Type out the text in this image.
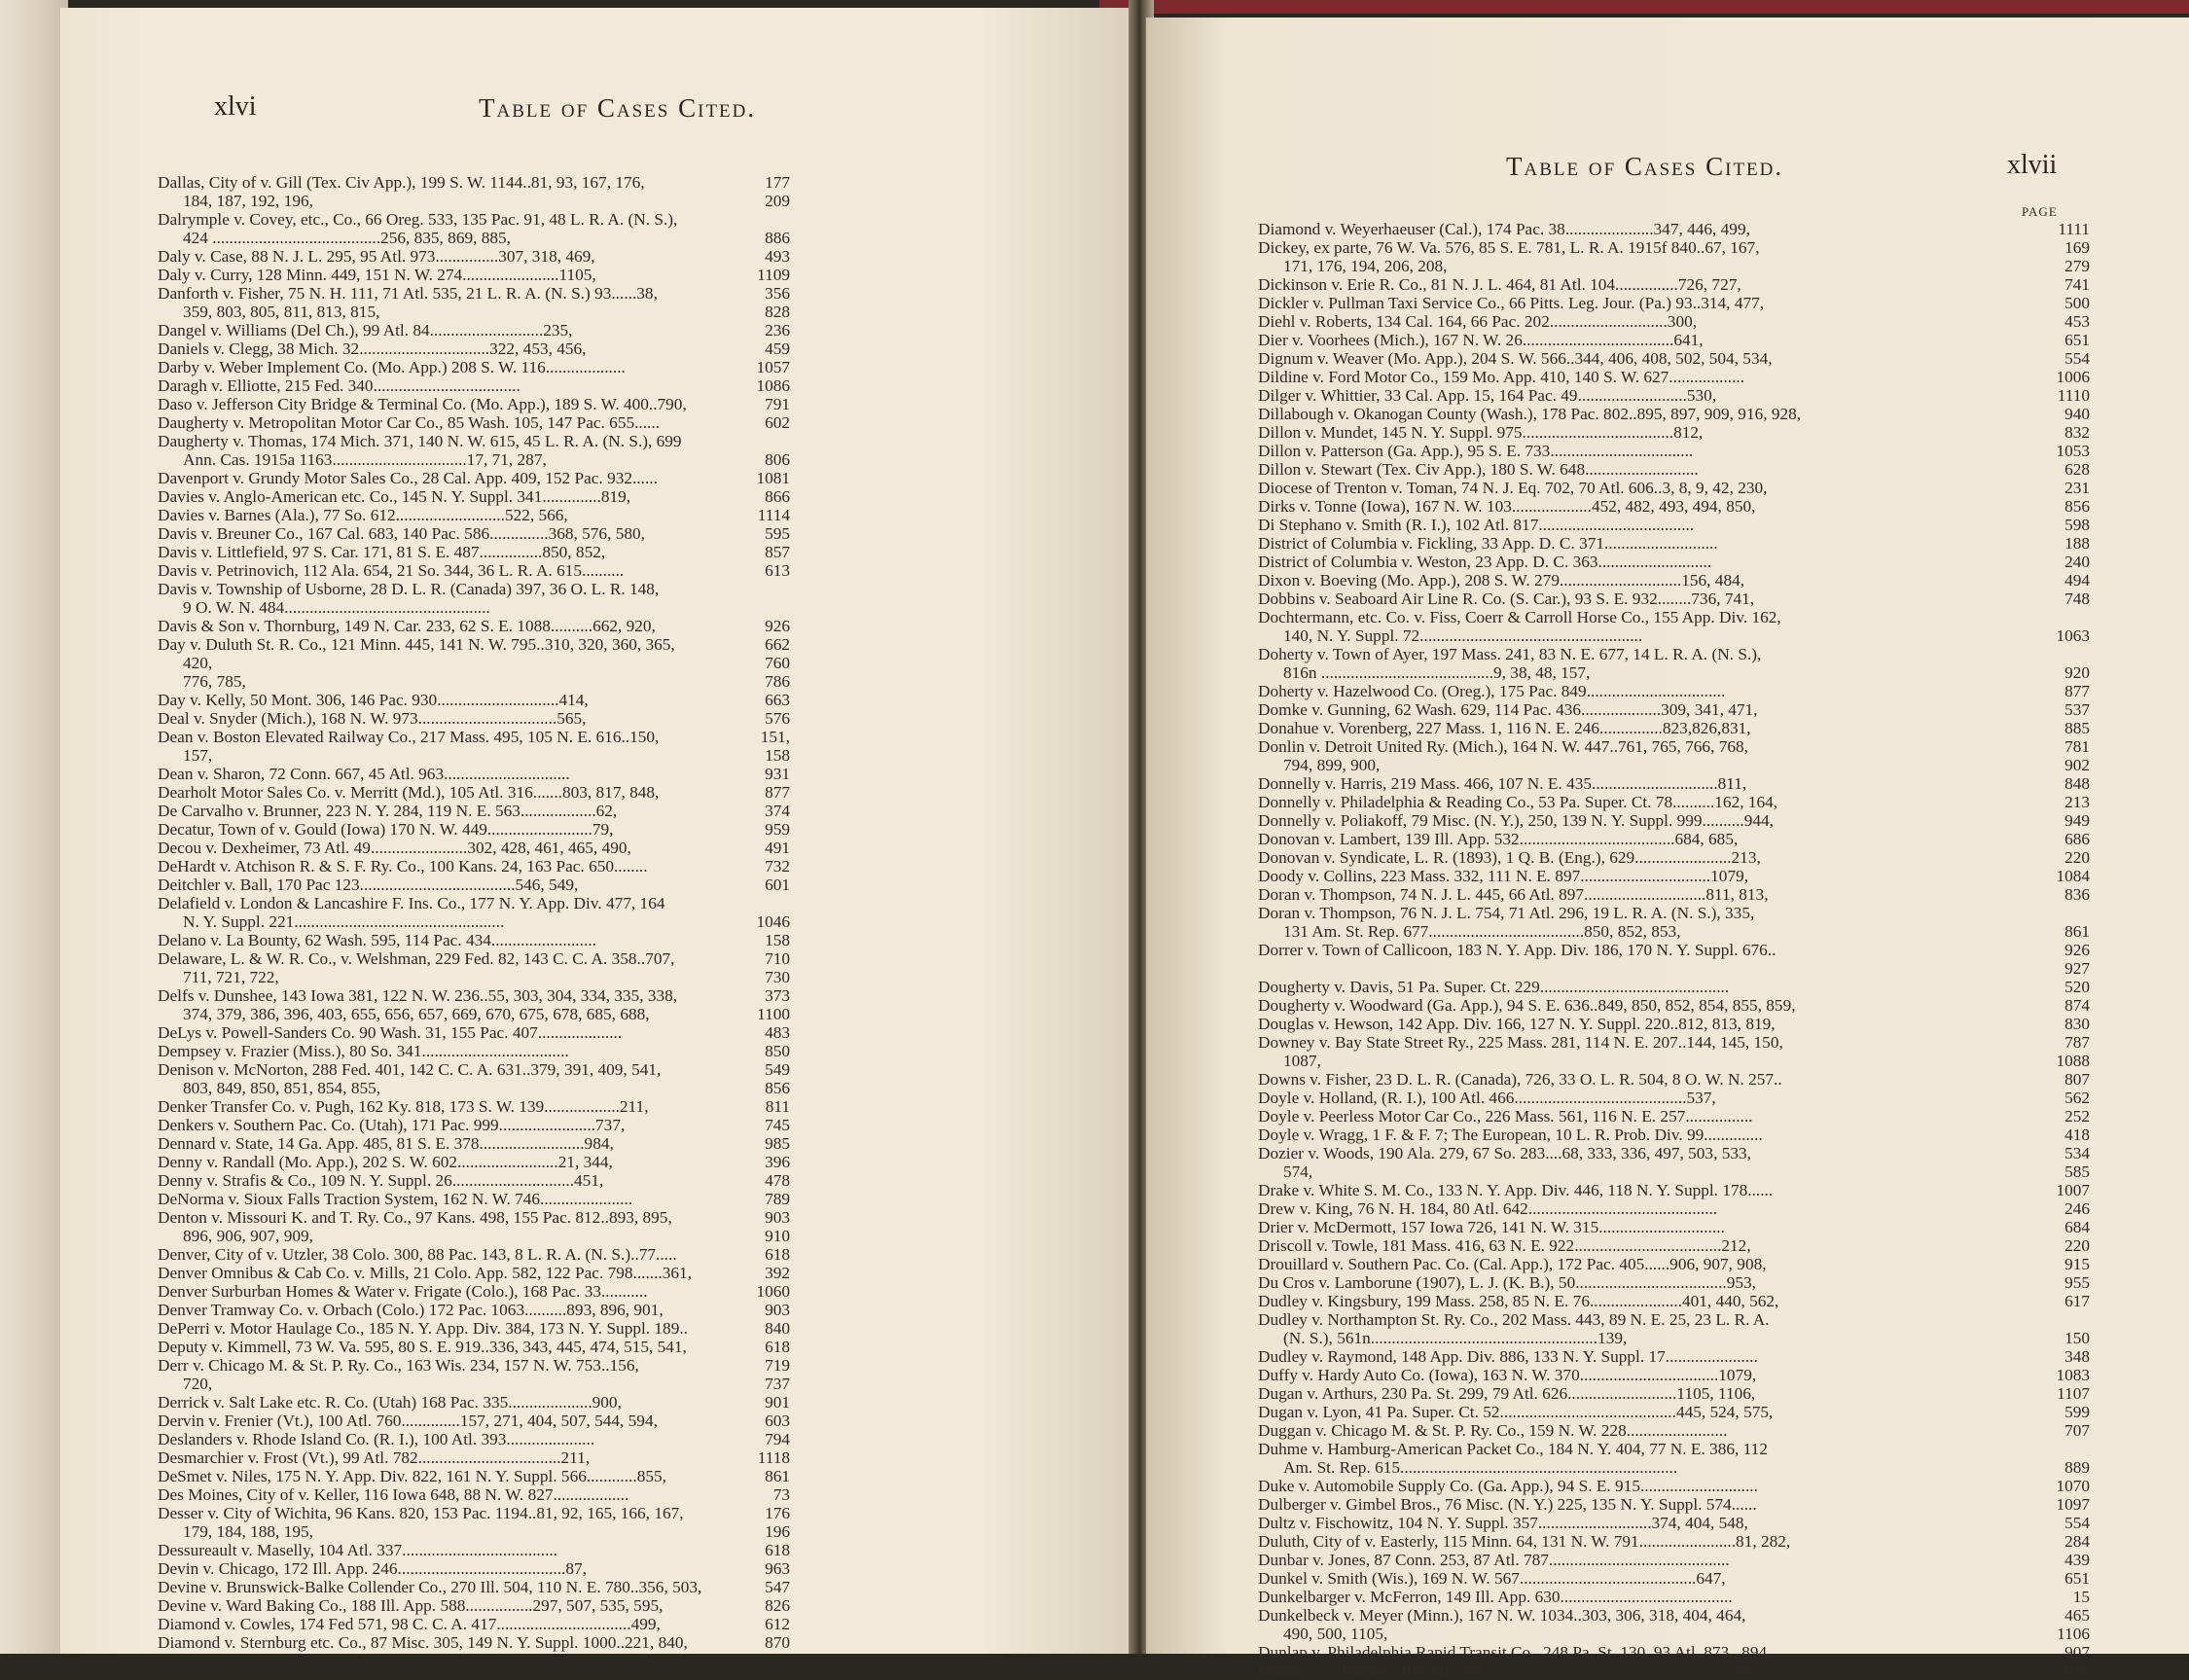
xlvi	Table of Cases Cited.
Dallas, City of v. Gill (Tex. Civ App.), 199 S. W. 1144..81, 93, 167, 176,	177
184, 187, 192, 196,	209
Dalrymple v. Covey, etc., Co., 66 Oreg. 533, 135 Pac. 91, 48 L. R. A. (N. S.),
424 ........................................256, 835, 869, 885,	886
Daly v. Case, 88 N. J. L. 295, 95 Atl. 973...............307, 318, 469,	493
Daly v. Curry, 128 Minn. 449, 151 N. W. 274.......................1105,	1109
Danforth v. Fisher, 75 N. H. 111, 71 Atl. 535, 21 L. R. A. (N. S.) 93......38,	356
359, 803, 805, 811, 813, 815,	828
Dangel v. Williams (Del Ch.), 99 Atl. 84...........................235,	236
Daniels v. Clegg, 38 Mich. 32...............................322, 453, 456,	459
Darby v. Weber Implement Co. (Mo. App.) 208 S. W. 116...................	1057
Daragh v. Elliotte, 215 Fed. 340...................................	1086
Daso v. Jefferson City Bridge & Terminal Co. (Mo. App.), 189 S. W. 400..790,	791
Daugherty v. Metropolitan Motor Car Co., 85 Wash. 105, 147 Pac. 655......	602
Daugherty v. Thomas, 174 Mich. 371, 140 N. W. 615, 45 L. R. A. (N. S.), 699
Ann. Cas. 1915a 1163................................17, 71, 287,	806
Davenport v. Grundy Motor Sales Co., 28 Cal. App. 409, 152 Pac. 932......	1081
Davies v. Anglo-American etc. Co., 145 N. Y. Suppl. 341..............819,	866
Davies v. Barnes (Ala.), 77 So. 612..........................522, 566,	1114
Davis v. Breuner Co., 167 Cal. 683, 140 Pac. 586..............368, 576, 580,	595
Davis v. Littlefield, 97 S. Car. 171, 81 S. E. 487...............850, 852,	857
Davis v. Petrinovich, 112 Ala. 654, 21 So. 344, 36 L. R. A. 615..........	613
Davis v. Township of Usborne, 28 D. L. R. (Canada) 397, 36 O. L. R. 148,
9 O. W. N. 484.................................................
Davis & Son v. Thornburg, 149 N. Car. 233, 62 S. E. 1088..........662, 920,	926
Day v. Duluth St. R. Co., 121 Minn. 445, 141 N. W. 795..310, 320, 360, 365,	662
420,	760
776, 785,	786
Day v. Kelly, 50 Mont. 306, 146 Pac. 930.............................414,	663
Deal v. Snyder (Mich.), 168 N. W. 973.................................565,	576
Dean v. Boston Elevated Railway Co., 217 Mass. 495, 105 N. E. 616..150,	151,
157,	158
Dean v. Sharon, 72 Conn. 667, 45 Atl. 963..............................	931
Dearholt Motor Sales Co. v. Merritt (Md.), 105 Atl. 316.......803, 817, 848,	877
De Carvalho v. Brunner, 223 N. Y. 284, 119 N. E. 563..................62,	374
Decatur, Town of v. Gould (Iowa) 170 N. W. 449.........................79,	959
Decou v. Dexheimer, 73 Atl. 49.......................302, 428, 461, 465, 490,	491
DeHardt v. Atchison R. & S. F. Ry. Co., 100 Kans. 24, 163 Pac. 650........	732
Deitchler v. Ball, 170 Pac 123.....................................546, 549,	601
Delafield v. London & Lancashire F. Ins. Co., 177 N. Y. App. Div. 477, 164
N. Y. Suppl. 221..................................................	1046
Delano v. La Bounty, 62 Wash. 595, 114 Pac. 434.........................	158
Delaware, L. & W. R. Co., v. Welshman, 229 Fed. 82, 143 C. C. A. 358..707,	710
711, 721, 722,	730
Delfs v. Dunshee, 143 Iowa 381, 122 N. W. 236..55, 303, 304, 334, 335, 338,	373
374, 379, 386, 396, 403, 655, 656, 657, 669, 670, 675, 678, 685, 688,	1100
DeLys v. Powell-Sanders Co. 90 Wash. 31, 155 Pac. 407....................	483
Dempsey v. Frazier (Miss.), 80 So. 341...................................	850
Denison v. McNorton, 288 Fed. 401, 142 C. C. A. 631..379, 391, 409, 541,	549
803, 849, 850, 851, 854, 855,	856
Denker Transfer Co. v. Pugh, 162 Ky. 818, 173 S. W. 139..................211,	811
Denkers v. Southern Pac. Co. (Utah), 171 Pac. 999.......................737,	745
Dennard v. State, 14 Ga. App. 485, 81 S. E. 378.........................984,	985
Denny v. Randall (Mo. App.), 202 S. W. 602........................21, 344,	396
Denny v. Strafis & Co., 109 N. Y. Suppl. 26.............................451,	478
DeNorma v. Sioux Falls Traction System, 162 N. W. 746......................	789
Denton v. Missouri K. and T. Ry. Co., 97 Kans. 498, 155 Pac. 812..893, 895,	903
896, 906, 907, 909,	910
Denver, City of v. Utzler, 38 Colo. 300, 88 Pac. 143, 8 L. R. A. (N. S.)..77.....	618
Denver Omnibus & Cab Co. v. Mills, 21 Colo. App. 582, 122 Pac. 798.......361,	392
Denver Surburban Homes & Water v. Frigate (Colo.), 168 Pac. 33...........	1060
Denver Tramway Co. v. Orbach (Colo.) 172 Pac. 1063..........893, 896, 901,	903
DePerri v. Motor Haulage Co., 185 N. Y. App. Div. 384, 173 N. Y. Suppl. 189..	840
Deputy v. Kimmell, 73 W. Va. 595, 80 S. E. 919..336, 343, 445, 474, 515, 541,	618
Derr v. Chicago M. & St. P. Ry. Co., 163 Wis. 234, 157 N. W. 753..156,	719
720,	737
Derrick v. Salt Lake etc. R. Co. (Utah) 168 Pac. 335....................900,	901
Dervin v. Frenier (Vt.), 100 Atl. 760..............157, 271, 404, 507, 544, 594,	603
Deslanders v. Rhode Island Co. (R. I.), 100 Atl. 393.....................	794
Desmarchier v. Frost (Vt.), 99 Atl. 782..................................211,	1118
DeSmet v. Niles, 175 N. Y. App. Div. 822, 161 N. Y. Suppl. 566............855,	861
Des Moines, City of v. Keller, 116 Iowa 648, 88 N. W. 827..................	73
Desser v. City of Wichita, 96 Kans. 820, 153 Pac. 1194..81, 92, 165, 166, 167,	176
179, 184, 188, 195,	196
Dessureault v. Maselly, 104 Atl. 337.....................................	618
Devin v. Chicago, 172 Ill. App. 246........................................87,	963
Devine v. Brunswick-Balke Collender Co., 270 Ill. 504, 110 N. E. 780..356, 503,	547
Devine v. Ward Baking Co., 188 Ill. App. 588................297, 507, 535, 595,	826
Diamond v. Cowles, 174 Fed 571, 98 C. C. A. 417................................499,	612
Diamond v. Sternburg etc. Co., 87 Misc. 305, 149 N. Y. Suppl. 1000..221, 840,	870
Table of Cases Cited.	xlvii
PAGE
Diamond v. Weyerhaeuser (Cal.), 174 Pac. 38.....................347, 446, 499,	1111
Dickey, ex parte, 76 W. Va. 576, 85 S. E. 781, L. R. A. 1915f 840..67, 167,	169
171, 176, 194, 206, 208,	279
Dickinson v. Erie R. Co., 81 N. J. L. 464, 81 Atl. 104...............726, 727,	741
Dickler v. Pullman Taxi Service Co., 66 Pitts. Leg. Jour. (Pa.) 93..314, 477,	500
Diehl v. Roberts, 134 Cal. 164, 66 Pac. 202............................300,	453
Dier v. Voorhees (Mich.), 167 N. W. 26....................................641,	651
Dignum v. Weaver (Mo. App.), 204 S. W. 566..344, 406, 408, 502, 504, 534,	554
Dildine v. Ford Motor Co., 159 Mo. App. 410, 140 S. W. 627..................	1006
Dilger v. Whittier, 33 Cal. App. 15, 164 Pac. 49..........................530,	1110
Dillabough v. Okanogan County (Wash.), 178 Pac. 802..895, 897, 909, 916, 928,	940
Dillon v. Mundet, 145 N. Y. Suppl. 975....................................812,	832
Dillon v. Patterson (Ga. App.), 95 S. E. 733..................................	1053
Dillon v. Stewart (Tex. Civ App.), 180 S. W. 648...........................	628
Diocese of Trenton v. Toman, 74 N. J. Eq. 702, 70 Atl. 606..3, 8, 9, 42, 230,	231
Dirks v. Tonne (Iowa), 167 N. W. 103...................452, 482, 493, 494, 850,	856
Di Stephano v. Smith (R. I.), 102 Atl. 817.....................................	598
District of Columbia v. Fickling, 33 App. D. C. 371...........................	188
District of Columbia v. Weston, 23 App. D. C. 363...........................	240
Dixon v. Boeving (Mo. App.), 208 S. W. 279.............................156, 484,	494
Dobbins v. Seaboard Air Line R. Co. (S. Car.), 93 S. E. 932........736, 741,	748
Dochtermann, etc. Co. v. Fiss, Coerr & Carroll Horse Co., 155 App. Div. 162,
140, N. Y. Suppl. 72.....................................................	1063
Doherty v. Town of Ayer, 197 Mass. 241, 83 N. E. 677, 14 L. R. A. (N. S.),
816n .........................................9, 38, 48, 157,	920
Doherty v. Hazelwood Co. (Oreg.), 175 Pac. 849.................................	877
Domke v. Gunning, 62 Wash. 629, 114 Pac. 436...................309, 341, 471,	537
Donahue v. Vorenberg, 227 Mass. 1, 116 N. E. 246...............823,826,831,	885
Donlin v. Detroit United Ry. (Mich.), 164 N. W. 447..761, 765, 766, 768,	781
794, 899, 900,	902
Donnelly v. Harris, 219 Mass. 466, 107 N. E. 435..............................811,	848
Donnelly v. Philadelphia & Reading Co., 53 Pa. Super. Ct. 78..........162, 164,	213
Donnelly v. Poliakoff, 79 Misc. (N. Y.), 250, 139 N. Y. Suppl. 999..........944,	949
Donovan v. Lambert, 139 Ill. App. 532.....................................684, 685,	686
Donovan v. Syndicate, L. R. (1893), 1 Q. B. (Eng.), 629.......................213,	220
Doody v. Collins, 223 Mass. 332, 111 N. E. 897...............................1079,	1084
Doran v. Thompson, 74 N. J. L. 445, 66 Atl. 897.............................811, 813,	836
Doran v. Thompson, 76 N. J. L. 754, 71 Atl. 296, 19 L. R. A. (N. S.), 335,
131 Am. St. Rep. 677.....................................850, 852, 853,	861
Dorrer v. Town of Callicoon, 183 N. Y. App. Div. 186, 170 N. Y. Suppl. 676..	926
927
Dougherty v. Davis, 51 Pa. Super. Ct. 229.............................................	520
Dougherty v. Woodward (Ga. App.), 94 S. E. 636..849, 850, 852, 854, 855, 859,	874
Douglas v. Hewson, 142 App. Div. 166, 127 N. Y. Suppl. 220..812, 813, 819,	830
Downey v. Bay State Street Ry., 225 Mass. 281, 114 N. E. 207..144, 145, 150,	787
1087,	1088
Downs v. Fisher, 23 D. L. R. (Canada), 726, 33 O. L. R. 504, 8 O. W. N. 257..	807
Doyle v. Holland, (R. I.), 100 Atl. 466.........................................537,	562
Doyle v. Peerless Motor Car Co., 226 Mass. 561, 116 N. E. 257................	252
Doyle v. Wragg, 1 F. & F. 7; The European, 10 L. R. Prob. Div. 99..............	418
Dozier v. Woods, 190 Ala. 279, 67 So. 283....68, 333, 336, 497, 503, 533,	534
574,	585
Drake v. White S. M. Co., 133 N. Y. App. Div. 446, 118 N. Y. Suppl. 178......	1007
Drew v. King, 76 N. H. 184, 80 Atl. 642.............................................	246
Drier v. McDermott, 157 Iowa 726, 141 N. W. 315..............................	684
Driscoll v. Towle, 181 Mass. 416, 63 N. E. 922...................................212,	220
Drouillard v. Southern Pac. Co. (Cal. App.), 172 Pac. 405......906, 907, 908,	915
Du Cros v. Lamborune (1907), L. J. (K. B.), 50....................................953,	955
Dudley v. Kingsbury, 199 Mass. 258, 85 N. E. 76......................401, 440, 562,	617
Dudley v. Northampton St. Ry. Co., 202 Mass. 443, 89 N. E. 25, 23 L. R. A.
(N. S.), 561n......................................................139,	150
Dudley v. Raymond, 148 App. Div. 886, 133 N. Y. Suppl. 17......................	348
Duffy v. Hardy Auto Co. (Iowa), 163 N. W. 370.................................1079,	1083
Dugan v. Arthurs, 230 Pa. St. 299, 79 Atl. 626..........................1105, 1106,	1107
Dugan v. Lyon, 41 Pa. Super. Ct. 52..........................................445, 524, 575,	599
Duggan v. Chicago M. & St. P. Ry. Co., 159 N. W. 228........................	707
Duhme v. Hamburg-American Packet Co., 184 N. Y. 404, 77 N. E. 386, 112
Am. St. Rep. 615..................................................................	889
Duke v. Automobile Supply Co. (Ga. App.), 94 S. E. 915............................	1070
Dulberger v. Gimbel Bros., 76 Misc. (N. Y.) 225, 135 N. Y. Suppl. 574......	1097
Dultz v. Fischowitz, 104 N. Y. Suppl. 357...........................374, 404, 548,	554
Duluth, City of v. Easterly, 115 Minn. 64, 131 N. W. 791.......................81, 282,	284
Dunbar v. Jones, 87 Conn. 253, 87 Atl. 787...........................................	439
Dunkel v. Smith (Wis.), 169 N. W. 567..........................................647,	651
Dunkelbarger v. McFerron, 149 Ill. App. 630.........................................	15
Dunkelbeck v. Meyer (Minn.), 167 N. W. 1034..303, 306, 318, 404, 464,	465
490, 500, 1105,	1106
Dunlap v. Philadelphia Rapid Transit Co., 248 Pa. St. 130, 93 Atl. 873...894,	907
Dunmore v. Padden, 105 Atl. 559...........................................................836,	837
